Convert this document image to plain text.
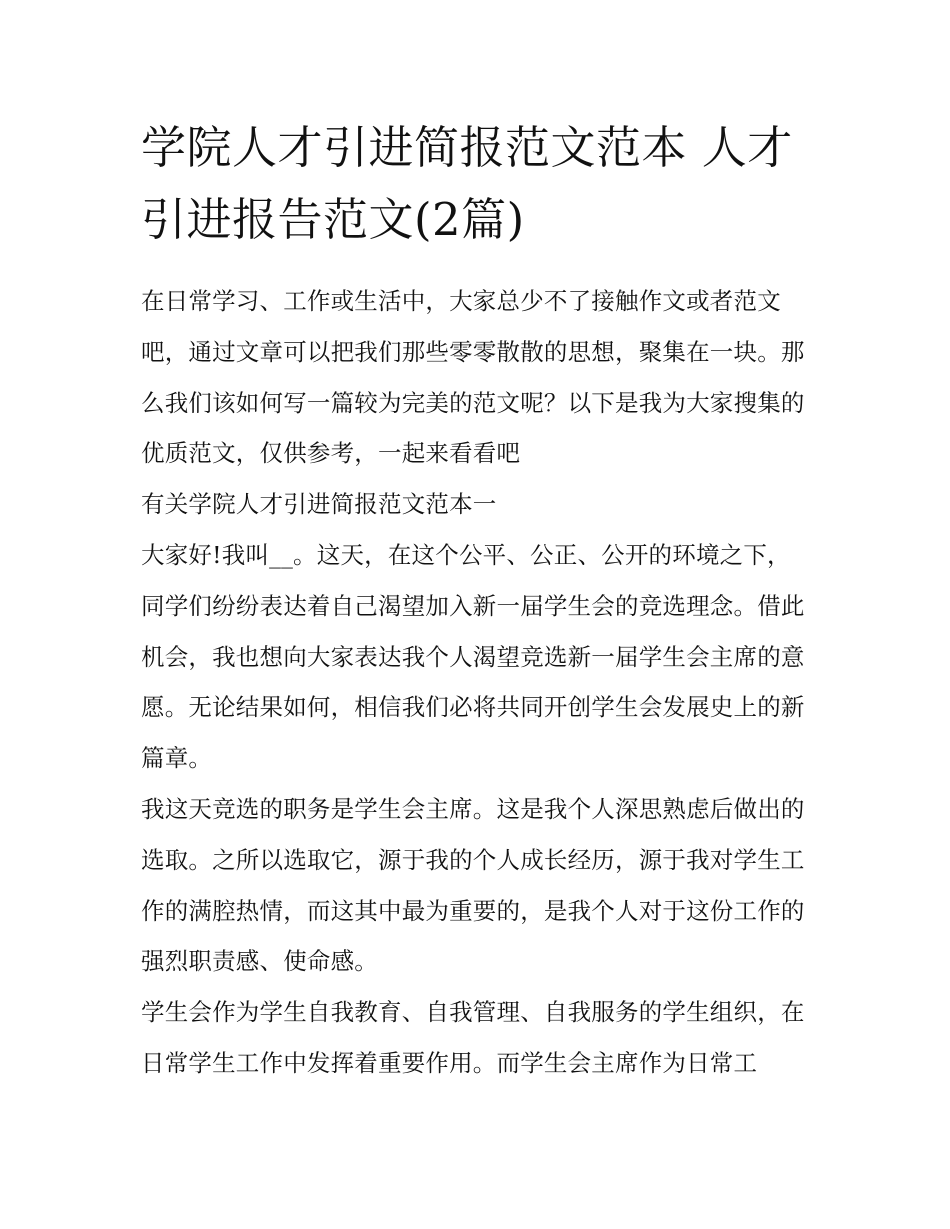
学院人才引进简报范文范本 人才引进报告范文(2篇)

在日常学习、工作或生活中，大家总少不了接触作文或者范文吧，通过文章可以把我们那些零零散散的思想，聚集在一块。那么我们该如何写一篇较为完美的范文呢？以下是我为大家搜集的优质范文，仅供参考，一起来看看吧

有关学院人才引进简报范文范本一

大家好!我叫__。这天，在这个公平、公正、公开的环境之下，同学们纷纷表达着自己渴望加入新一届学生会的竞选理念。借此机会，我也想向大家表达我个人渴望竞选新一届学生会主席的意愿。无论结果如何，相信我们必将共同开创学生会发展史上的新篇章。

我这天竞选的职务是学生会主席。这是我个人深思熟虑后做出的选取。之所以选取它，源于我的个人成长经历，源于我对学生工作的满腔热情，而这其中最为重要的，是我个人对于这份工作的强烈职责感、使命感。

学生会作为学生自我教育、自我管理、自我服务的学生组织，在日常学生工作中发挥着重要作用。而学生会主席作为日常工
